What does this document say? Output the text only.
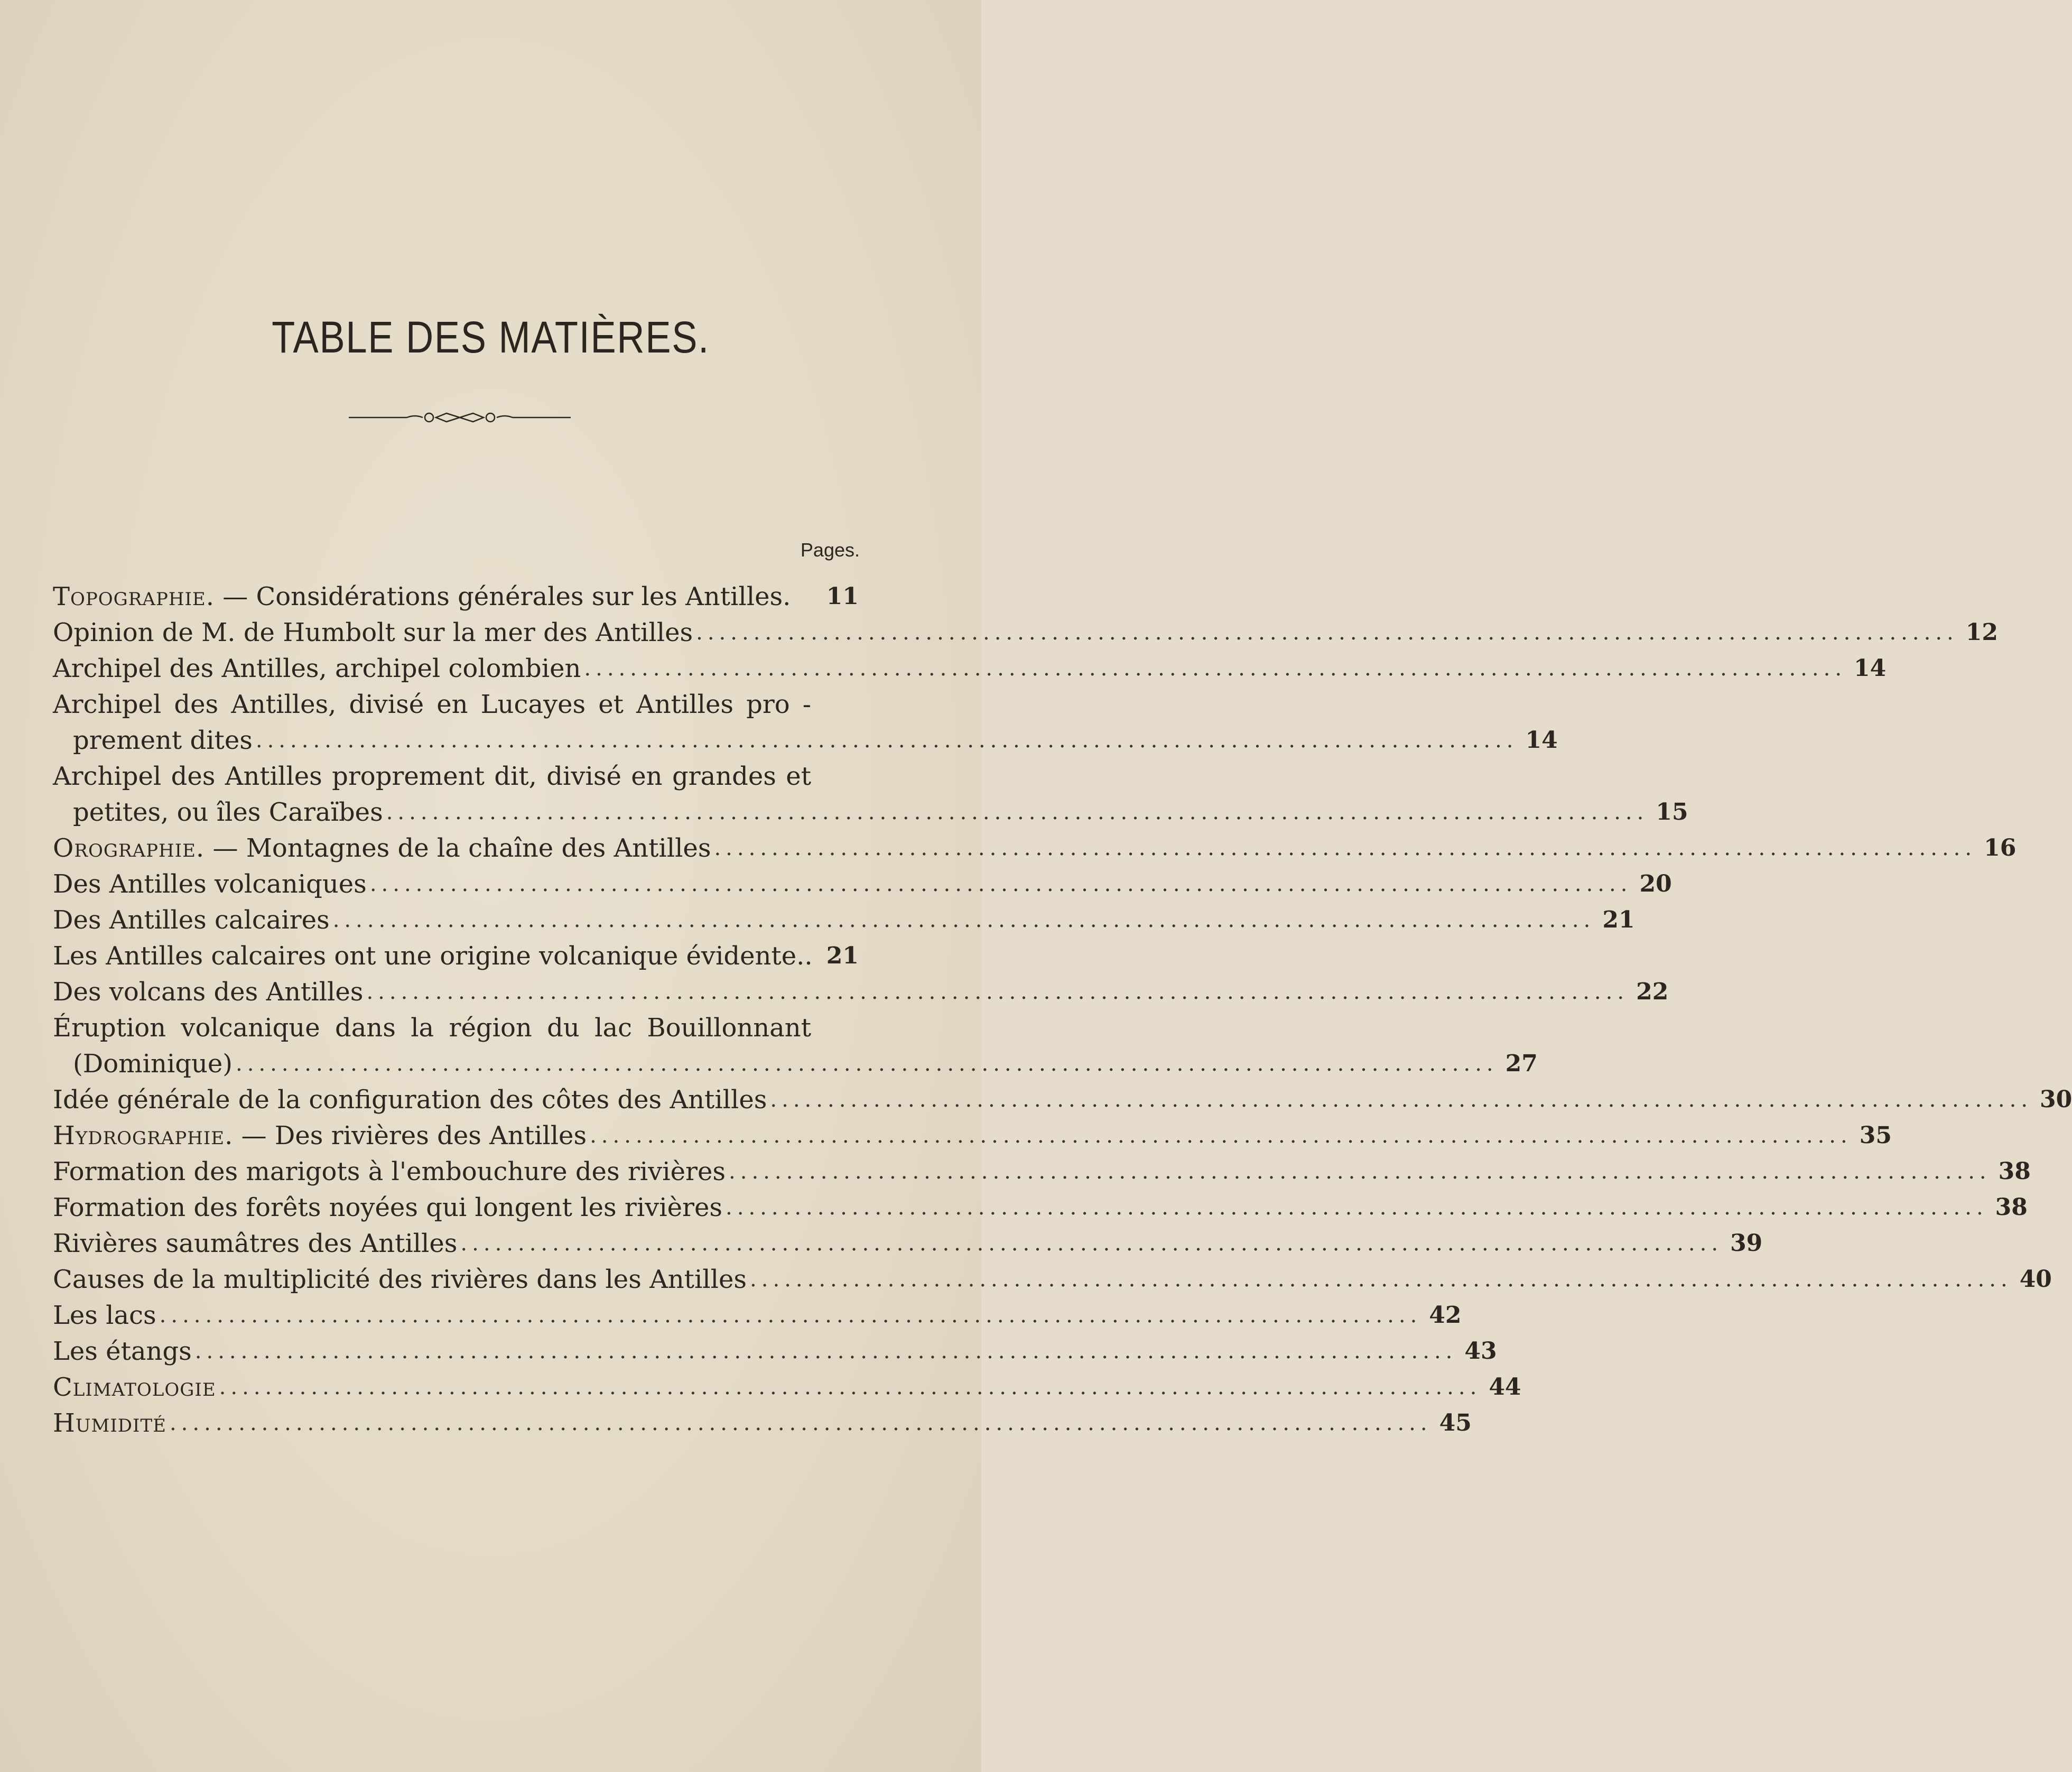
TABLE DES MATIÈRES.
Pages.
Topographie. — Considérations générales sur les Antilles.	11
Opinion de M. de Humbolt sur la mer des Antilles .............................................................................................................. 12
Archipel des Antilles, archipel colombien .............................................................................................................. 14
Archipel des Antilles, divisé en Lucayes et Antilles pro -
prement dites .............................................................................................................. 14
Archipel des Antilles proprement dit, divisé en grandes et
petites, ou îles Caraïbes .............................................................................................................. 15
Orographie. — Montagnes de la chaîne des Antilles .............................................................................................................. 16
Des Antilles volcaniques .............................................................................................................. 20
Des Antilles calcaires .............................................................................................................. 21
Les Antilles calcaires ont une origine volcanique évidente.. 21
Des volcans des Antilles .............................................................................................................. 22
Éruption volcanique dans la région du lac Bouillonnant
(Dominique) .............................................................................................................. 27
Idée générale de la configuration des côtes des Antilles .............................................................................................................. 30
Hydrographie. — Des rivières des Antilles .............................................................................................................. 35
Formation des marigots à l'embouchure des rivières .............................................................................................................. 38
Formation des forêts noyées qui longent les rivières .............................................................................................................. 38
Rivières saumâtres des Antilles .............................................................................................................. 39
Causes de la multiplicité des rivières dans les Antilles .............................................................................................................. 40
Les lacs .............................................................................................................. 42
Les étangs .............................................................................................................. 43
Climatologie .............................................................................................................. 44
Humidité .............................................................................................................. 45
